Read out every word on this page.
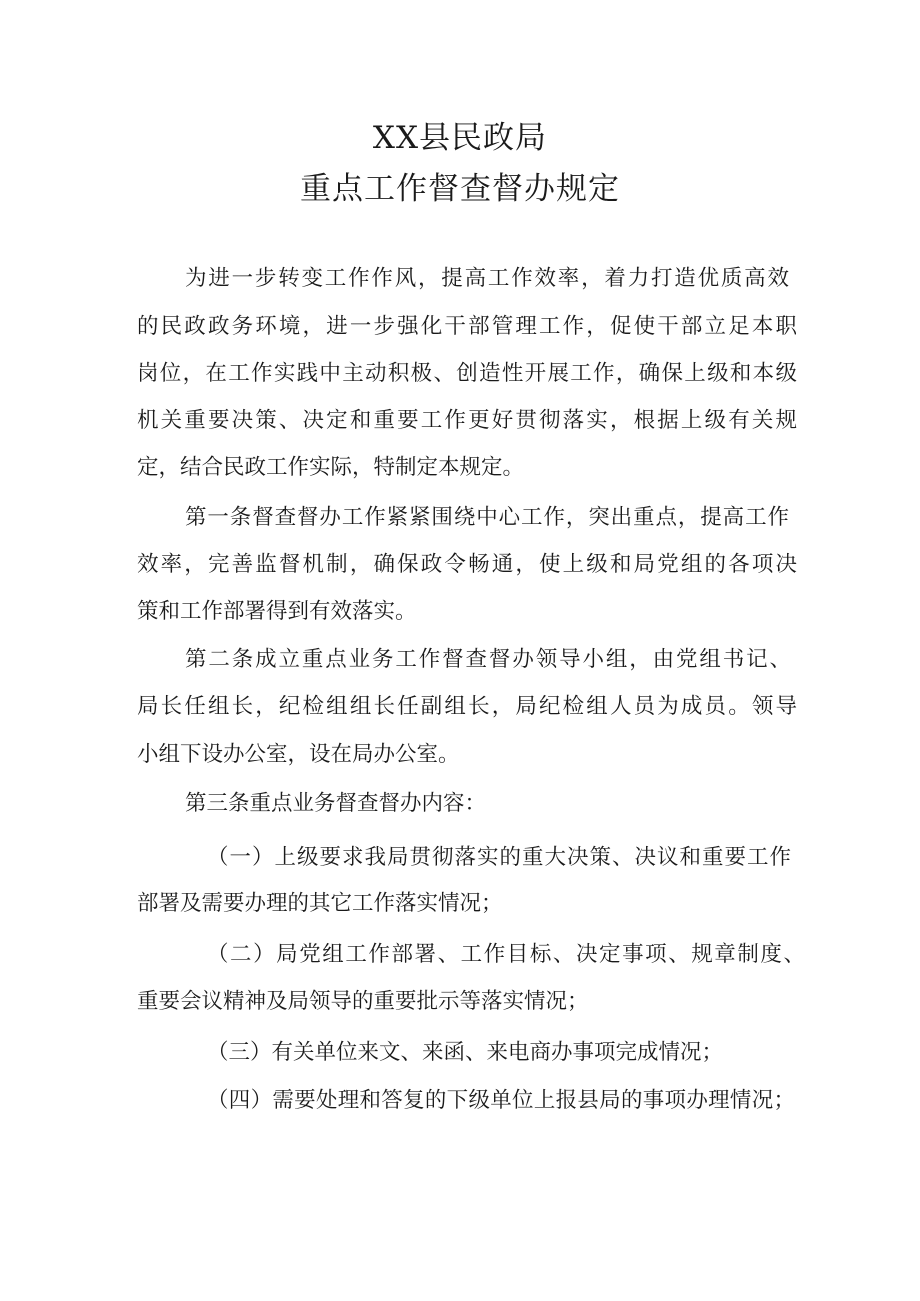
XX县民政局
重点工作督查督办规定
为进一步转变工作作风，提高工作效率，着力打造优质高效
的民政政务环境，进一步强化干部管理工作，促使干部立足本职
岗位，在工作实践中主动积极、创造性开展工作，确保上级和本级
机关重要决策、决定和重要工作更好贯彻落实，根据上级有关规
定，结合民政工作实际，特制定本规定。
第一条督查督办工作紧紧围绕中心工作，突出重点，提高工作
效率，完善监督机制，确保政令畅通，使上级和局党组的各项决
策和工作部署得到有效落实。
第二条成立重点业务工作督查督办领导小组，由党组书记、
局长任组长，纪检组组长任副组长，局纪检组人员为成员。领导
小组下设办公室，设在局办公室。
第三条重点业务督查督办内容：
（一）上级要求我局贯彻落实的重大决策、决议和重要工作
部署及需要办理的其它工作落实情况；
（二）局党组工作部署、工作目标、决定事项、规章制度、
重要会议精神及局领导的重要批示等落实情况；
（三）有关单位来文、来函、来电商办事项完成情况；
（四）需要处理和答复的下级单位上报县局的事项办理情况；
